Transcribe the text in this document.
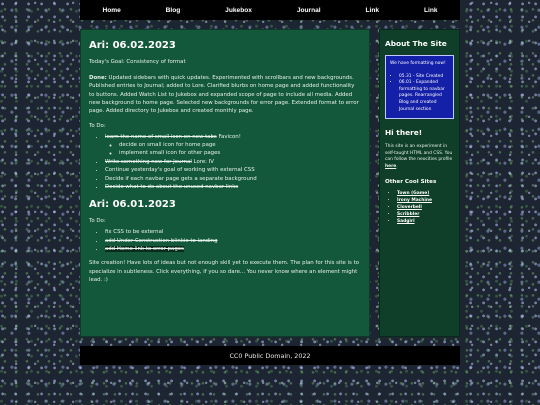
Home	Blog	Jukebox	Journal	Link	Link
Ari: 06.02.2023

Today's Goal: Consistency of format

Done: Updated sidebars with quick updates. Experimented with scrollbars and new backgrounds. Published entries to Journal; added to Lore. Clarified blurbs on home page and added functionality to buttons. Added Watch List to Jukebox and expanded scope of page to include all media. Added new background to home page. Selected new backgrounds for error page. Extended format to error page. Added directory to Jukebox and created monthly page.

To Do:

• learn the name of small icon on new tabs Favicon!
◦ decide on small icon for home page
◦ implement small icon for other pages
• Write something new for Journal Lore: IV
• Continue yesterday's goal of working with external CSS
• Decide if each navbar page gets a separate background
• Decide what to do about the unused navbar links
Ari: 06.01.2023

To Do:

• fix CSS to be external
• add Under Construction blinkie to landing
• add Home link to error pages

Site creation! Have lots of ideas but not enough skill yet to execute them. The plan for this site is to specialize in subtleness. Click everything, if you so dare... You never know where an element might lead. :)

About The Site

We have formatting now!

• 05.31 - Site Created
• 06.01 - Expanded formatting to navbar pages. Rearrangled Blog and created Journal section
Hi there!

This site is an experiment in self-taught HTML and CSS. You can follow the neocities profile here.

Other Cool Sites
• Town (Game)
• Irony Machine
• Cloverbell
• Scribbler
• Sadgirl
CC0 Public Domain, 2022
